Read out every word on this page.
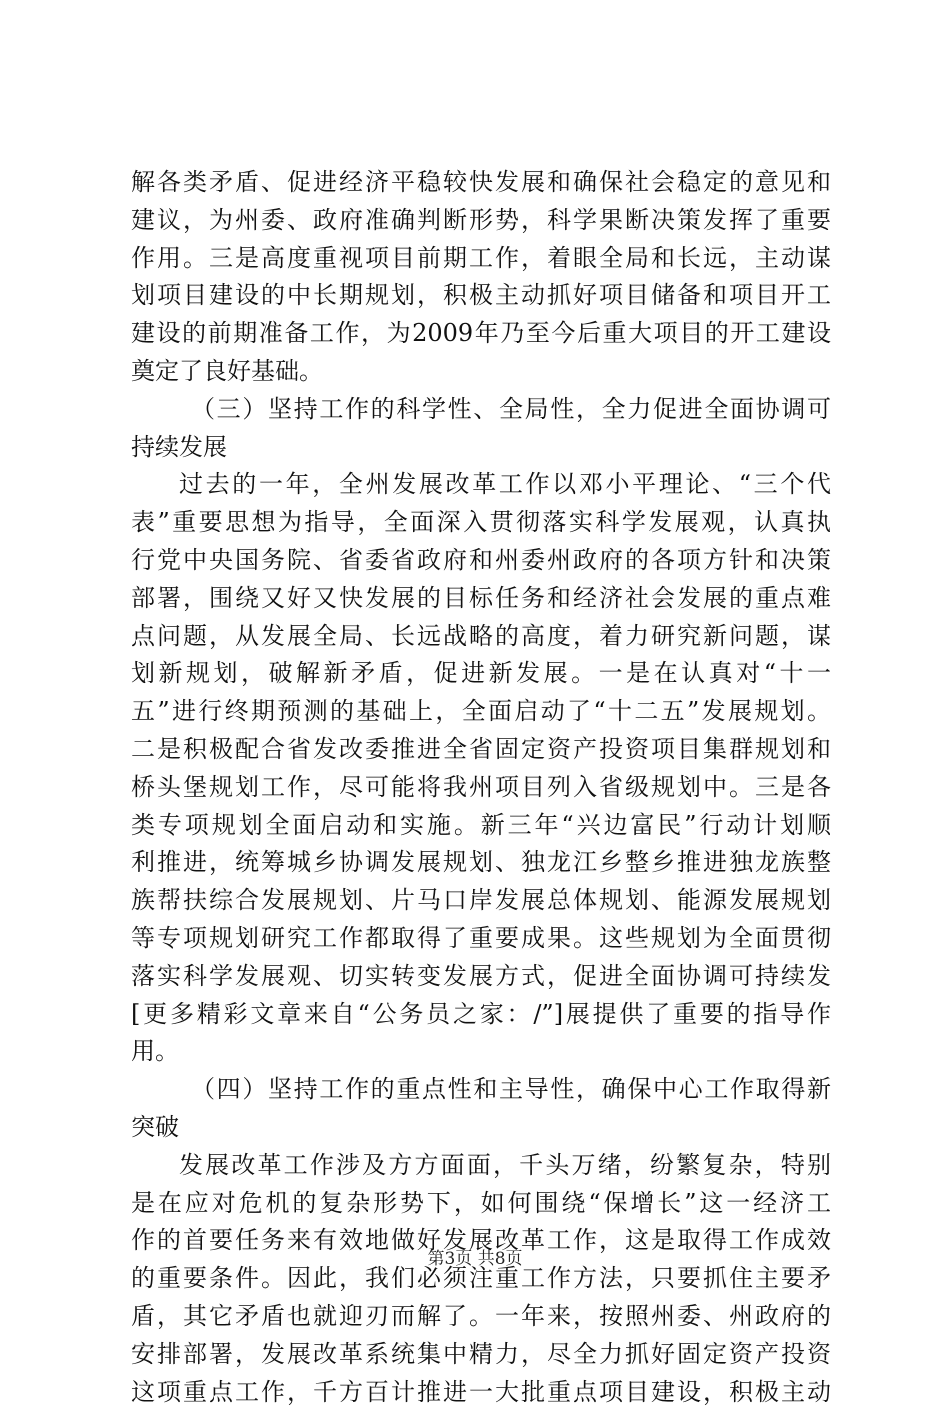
解各类矛盾、促进经济平稳较快发展和确保社会稳定的意见和
建议，为州委、政府准确判断形势，科学果断决策发挥了重要
作用。三是高度重视项目前期工作，着眼全局和长远，主动谋
划项目建设的中长期规划，积极主动抓好项目储备和项目开工
建设的前期准备工作，为2009年乃至今后重大项目的开工建设
奠定了良好基础。
（三）坚持工作的科学性、全局性，全力促进全面协调可
持续发展
过去的一年，全州发展改革工作以邓小平理论、“三个代
表”重要思想为指导，全面深入贯彻落实科学发展观，认真执
行党中央国务院、省委省政府和州委州政府的各项方针和决策
部署，围绕又好又快发展的目标任务和经济社会发展的重点难
点问题，从发展全局、长远战略的高度，着力研究新问题，谋
划新规划，破解新矛盾，促进新发展。一是在认真对“十一
五”进行终期预测的基础上，全面启动了“十二五”发展规划。
二是积极配合省发改委推进全省固定资产投资项目集群规划和
桥头堡规划工作，尽可能将我州项目列入省级规划中。三是各
类专项规划全面启动和实施。新三年“兴边富民”行动计划顺
利推进，统筹城乡协调发展规划、独龙江乡整乡推进独龙族整
族帮扶综合发展规划、片马口岸发展总体规划、能源发展规划
等专项规划研究工作都取得了重要成果。这些规划为全面贯彻
落实科学发展观、切实转变发展方式，促进全面协调可持续发
[更多精彩文章来自“公务员之家：/”]展提供了重要的指导作
用。
（四）坚持工作的重点性和主导性，确保中心工作取得新
突破
发展改革工作涉及方方面面，千头万绪，纷繁复杂，特别
是在应对危机的复杂形势下，如何围绕“保增长”这一经济工
作的首要任务来有效地做好发展改革工作，这是取得工作成效
的重要条件。因此，我们必须注重工作方法，只要抓住主要矛
盾，其它矛盾也就迎刃而解了。一年来，按照州委、州政府的
安排部署，发展改革系统集中精力，尽全力抓好固定资产投资
这项重点工作，千方百计推进一大批重点项目建设，积极主动
第3页 共8页
